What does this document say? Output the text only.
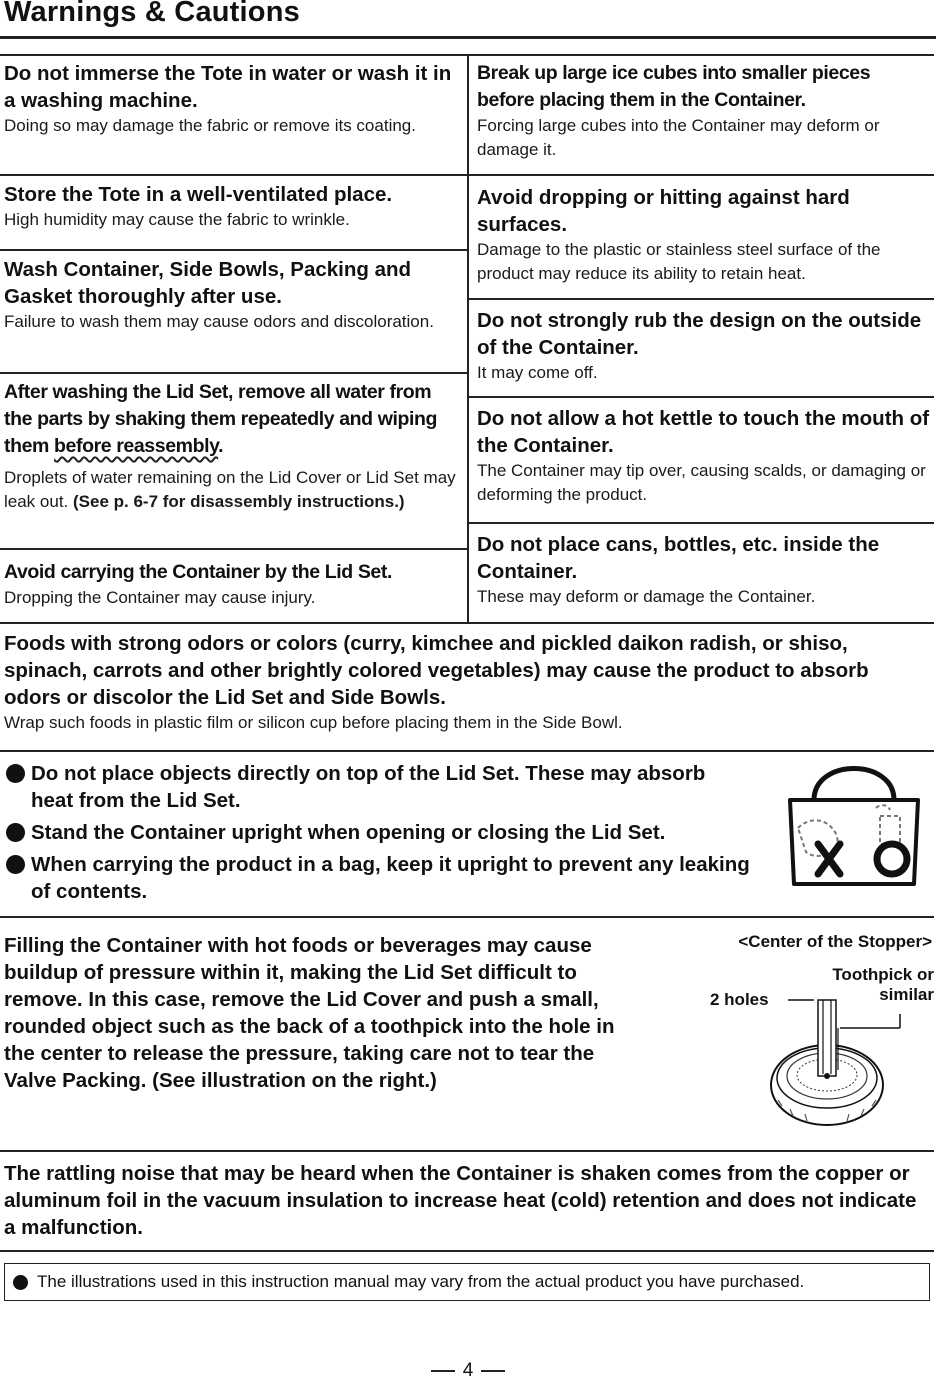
Warnings & Cautions
Do not immerse the Tote in water or wash it in a washing machine.
Doing so may damage the fabric or remove its coating.
Store the Tote in a well-ventilated place.
High humidity may cause the fabric to wrinkle.
Wash Container, Side Bowls, Packing and Gasket thoroughly after use.
Failure to wash them may cause odors and discoloration.
After washing the Lid Set, remove all water from the parts by shaking them repeatedly and wiping them before reassembly.
Droplets of water remaining on the Lid Cover or Lid Set may leak out. (See p. 6-7 for disassembly instructions.)
Avoid carrying the Container by the Lid Set.
Dropping the Container may cause injury.
Break up large ice cubes into smaller pieces before placing them in the Container.
Forcing large cubes into the Container may deform or damage it.
Avoid dropping or hitting against hard surfaces.
Damage to the plastic or stainless steel surface of the product may reduce its ability to retain heat.
Do not strongly rub the design on the outside of the Container.
It may come off.
Do not allow a hot kettle to touch the mouth of the Container.
The Container may tip over, causing scalds, or damaging or deforming the product.
Do not place cans, bottles, etc. inside the Container.
These may deform or damage the Container.
Foods with strong odors or colors (curry, kimchee and pickled daikon radish, or shiso, spinach, carrots and other brightly colored vegetables) may cause the product to absorb odors or discolor the Lid Set and Side Bowls.
Wrap such foods in plastic film or silicon cup before placing them in the Side Bowl.
Do not place objects directly on top of the Lid Set. These may absorb heat from the Lid Set.
Stand the Container upright when opening or closing the Lid Set.
When carrying the product in a bag, keep it upright to prevent any leaking of contents.
Filling the Container with hot foods or beverages may cause buildup of pressure within it, making the Lid Set difficult to remove. In this case, remove the Lid Cover and push a small, rounded object such as the back of a toothpick into the hole in the center to release the pressure, taking care not to tear the Valve Packing. (See illustration on the right.)
<Center of the Stopper>
2 holes
Toothpick or
similar
The rattling noise that may be heard when the Container is shaken comes from the copper or aluminum foil in the vacuum insulation to increase heat (cold) retention and does not indicate a malfunction.
The illustrations used in this instruction manual may vary from the actual product you have purchased.
4
